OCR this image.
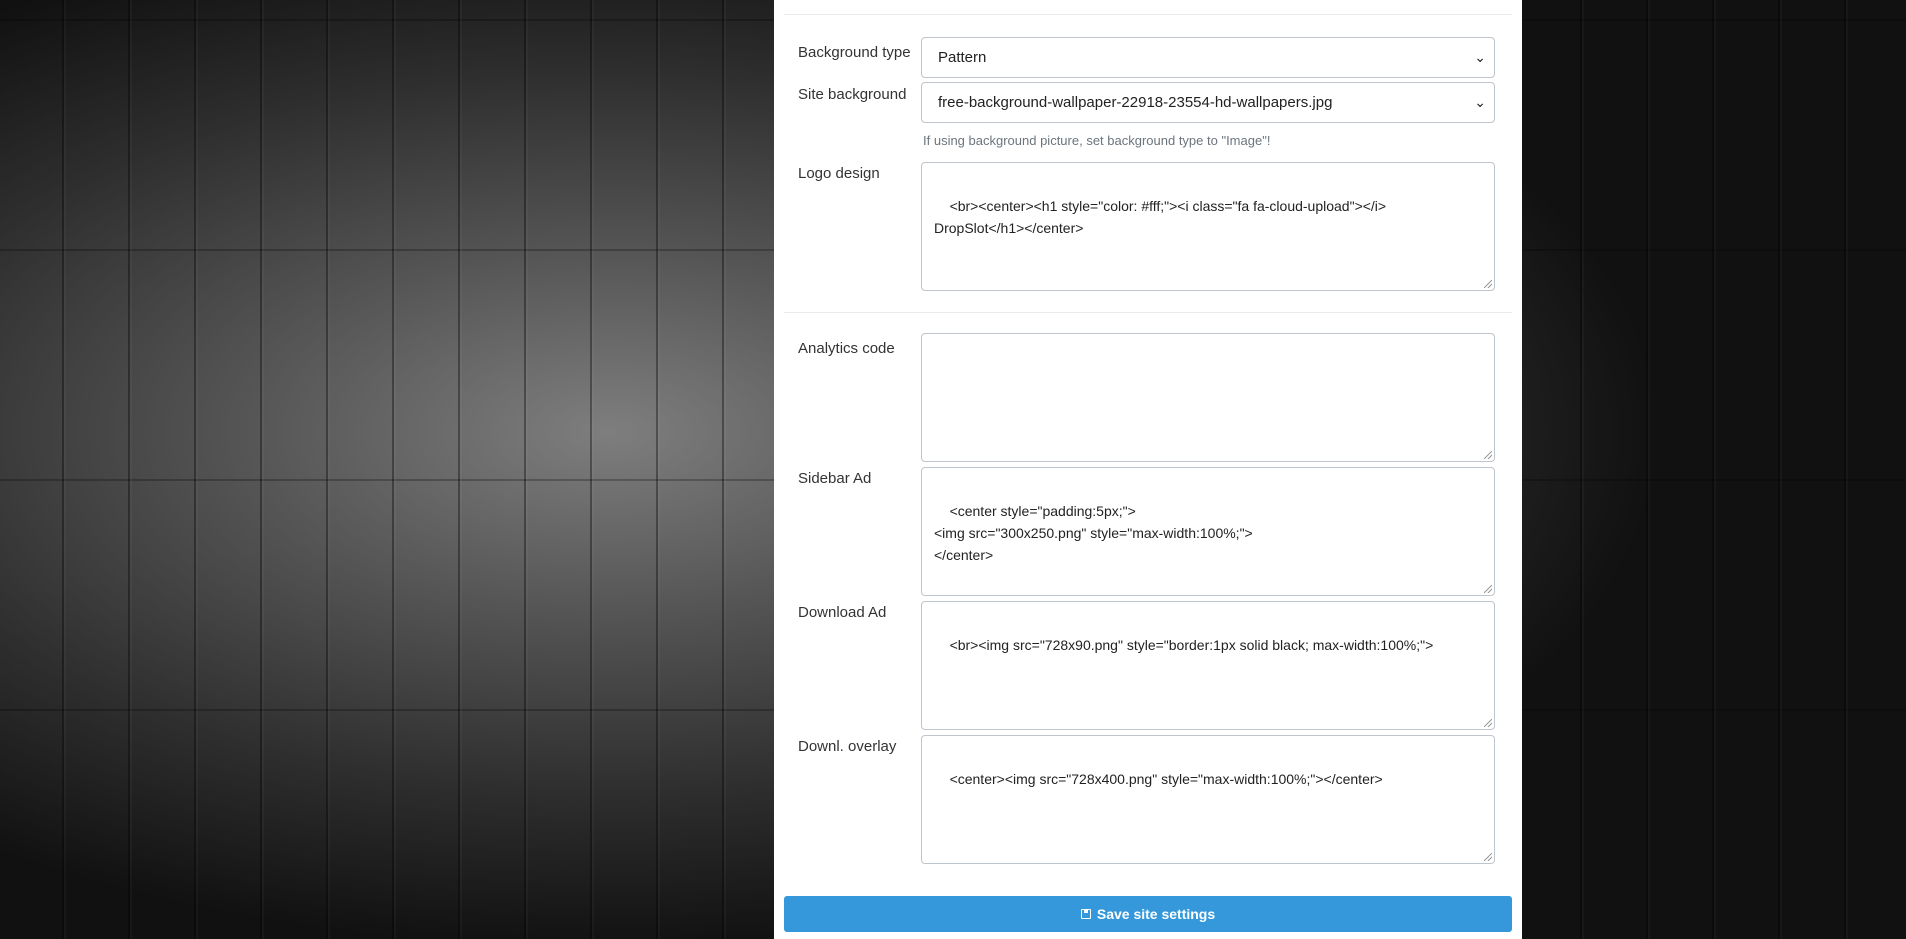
Background type	Pattern	⌄
Site background	free-background-wallpaper-22918-23554-hd-wallpapers.jpg	⌄
If using background picture, set background type to "Image"!
Logo design

<br><center><h1 style="color: #fff;"><i class="fa fa-cloud-upload"></i>
DropSlot</h1></center>

Analytics code

Sidebar Ad

<center style="padding:5px;">
<img src="300x250.png" style="max-width:100%;">
</center>

Download Ad

<br><img src="728x90.png" style="border:1px solid black; max-width:100%;">

Downl. overlay

<center><img src="728x400.png" style="max-width:100%;"></center>

Save site settings
